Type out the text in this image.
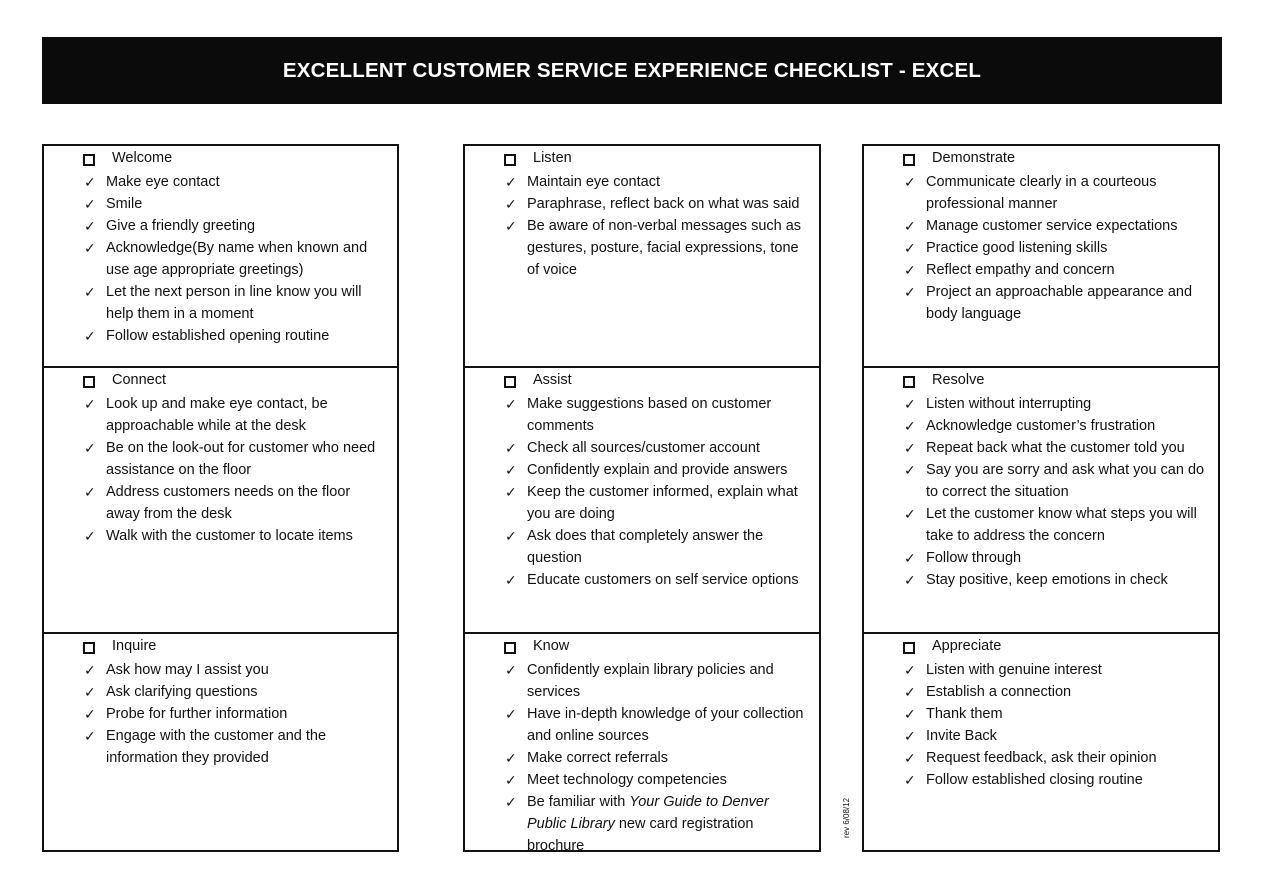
EXCELLENT CUSTOMER SERVICE EXPERIENCE CHECKLIST - EXCEL
Welcome
✓ Make eye contact
✓ Smile
✓ Give a friendly greeting
✓ Acknowledge(By name when known and use age appropriate greetings)
✓ Let the next person in line know you will help them in a moment
✓ Follow established opening routine
Connect
✓ Look up and make eye contact, be approachable while at the desk
✓ Be on the look-out for customer who need assistance on the floor
✓ Address customers needs on the floor away from the desk
✓ Walk with the customer to locate items
Inquire
✓ Ask how may I assist you
✓ Ask clarifying questions
✓ Probe for further information
✓ Engage with the customer and the information they provided
Listen
✓ Maintain eye contact
✓ Paraphrase, reflect back on what was said
✓ Be aware of non-verbal messages such as gestures, posture, facial expressions, tone of voice
Assist
✓ Make suggestions based on customer comments
✓ Check all sources/customer account
✓ Confidently explain and provide answers
✓ Keep the customer informed, explain what you are doing
✓ Ask does that completely answer the question
✓ Educate customers on self service options
Know
✓ Confidently explain library policies and services
✓ Have in-depth knowledge of your collection and online sources
✓ Make correct referrals
✓ Meet technology competencies
✓ Be familiar with Your Guide to Denver Public Library new card registration brochure
rev 6/08/12
Demonstrate
✓ Communicate clearly in a courteous professional manner
✓ Manage customer service expectations
✓ Practice good listening skills
✓ Reflect empathy and concern
✓ Project an approachable appearance and body language
Resolve
✓ Listen without interrupting
✓ Acknowledge customer’s frustration
✓ Repeat back what the customer told you
✓ Say you are sorry and ask what you can do to correct the situation
✓ Let the customer know what steps you will take to address the concern
✓ Follow through
✓ Stay positive, keep emotions in check
Appreciate
✓ Listen with genuine interest
✓ Establish a connection
✓ Thank them
✓ Invite Back
✓ Request feedback, ask their opinion
✓ Follow established closing routine
